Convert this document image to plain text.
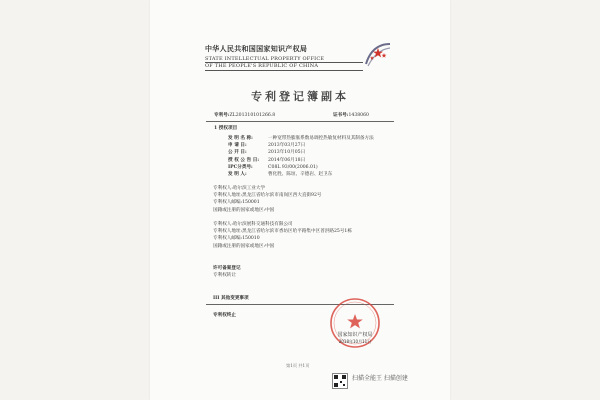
中华人民共和国国家知识产权局
STATE INTELLECTUAL PROPERTY OFFICE
OF THE PEOPLE'S REPUBLIC OF CHINA
专利登记簿副本
专利号:ZL201310101266.8	证书号:1438060
1 授权项目
发 明 名 称:	一种宽带热膨胀系数易调控热敏复材料及其制备方法
申 请 日:	2013年03月27日
公 开 日:	2013年10月05日
授 权 公 告 日: 2014年06月18日
IPC分类号:	C08L 93/00(2006.01)
发 明 人:	曹化胜、陈垣、辛德岩、赵卫东
专利权人:哈尔滨工业大学
专利权人地址:黑龙江省哈尔滨市南岗区西大直街92号
专利权人邮编:150001
国籍或注册的国家或地区:中国
专利权人:哈尔滨展科交通科技有限公司
专利权人地址:黑龙江省哈尔滨市香坊区哈平路集中区普洪路25号1栋
专利权人邮编:150010
国籍或注册的国家或地区:中国
许可备案登记
专利权转让
III 其他变更事项
专利权终止
国家知识产权局
2018年10月11日
第1页 共1页
扫描全能王 扫描创建
